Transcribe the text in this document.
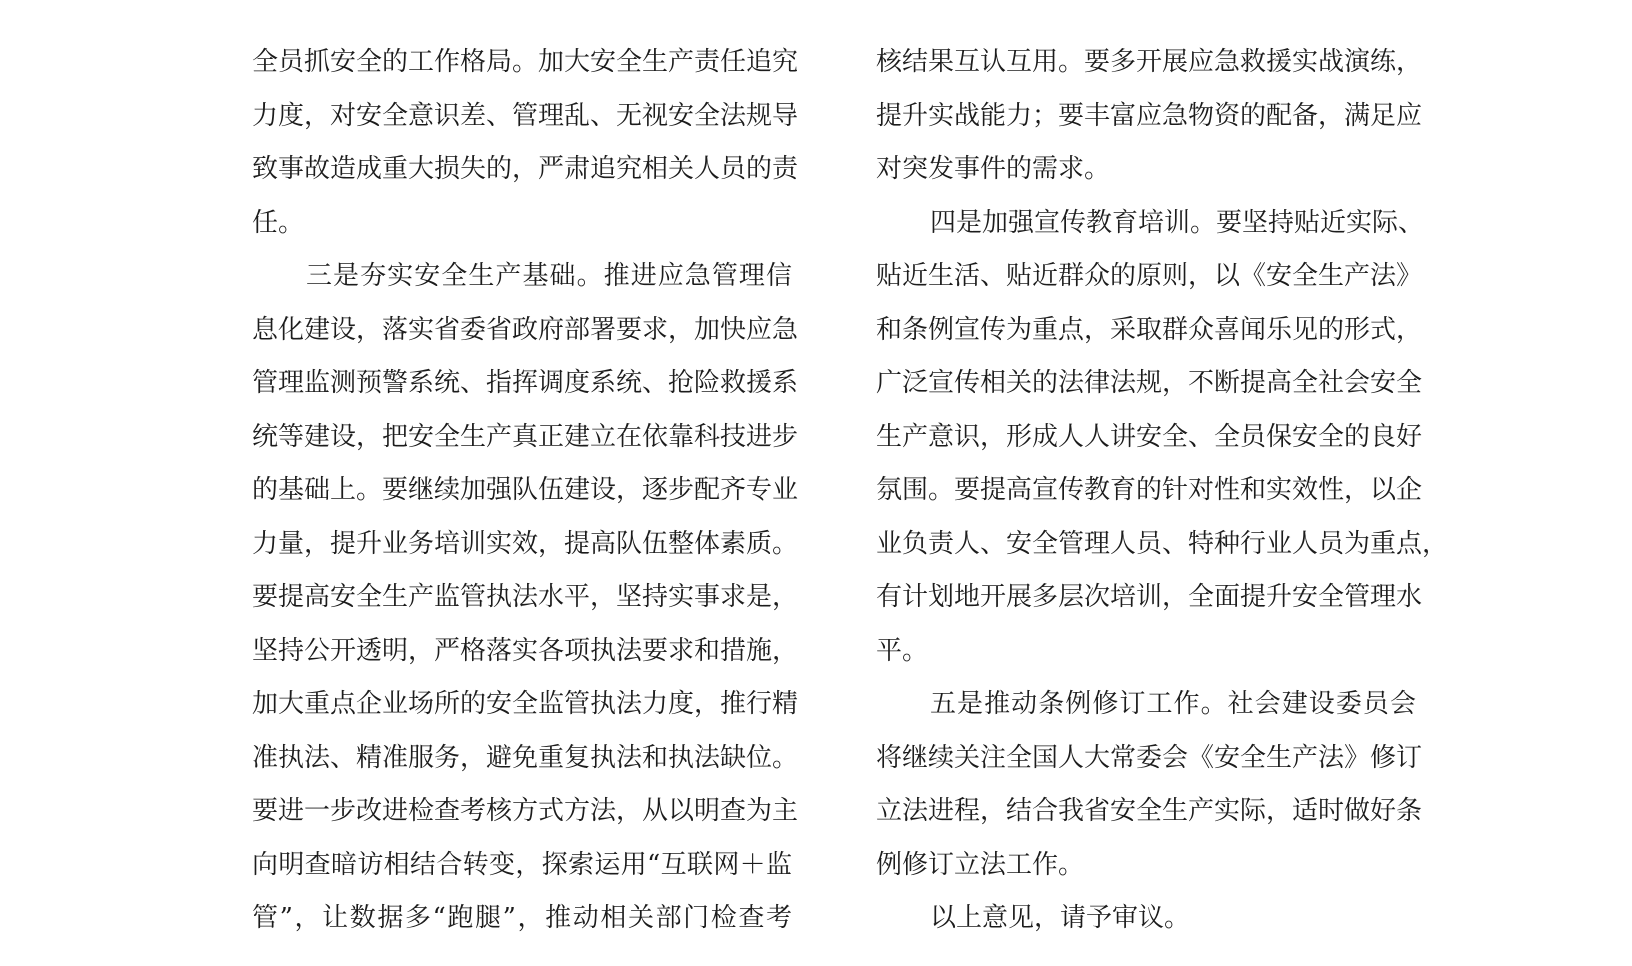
全员抓安全的工作格局。加大安全生产责任追究
力度，对安全意识差、管理乱、无视安全法规导
致事故造成重大损失的，严肃追究相关人员的责
任。
三是夯实安全生产基础。推进应急管理信
息化建设，落实省委省政府部署要求，加快应急
管理监测预警系统、指挥调度系统、抢险救援系
统等建设，把安全生产真正建立在依靠科技进步
的基础上。要继续加强队伍建设，逐步配齐专业
力量，提升业务培训实效，提高队伍整体素质。
要提高安全生产监管执法水平，坚持实事求是，
坚持公开透明，严格落实各项执法要求和措施，
加大重点企业场所的安全监管执法力度，推行精
准执法、精准服务，避免重复执法和执法缺位。
要进一步改进检查考核方式方法，从以明查为主
向明查暗访相结合转变，探索运用“互联网＋监
管”，让数据多“跑腿”，推动相关部门检查考
核结果互认互用。要多开展应急救援实战演练，
提升实战能力；要丰富应急物资的配备，满足应
对突发事件的需求。
四是加强宣传教育培训。要坚持贴近实际、
贴近生活、贴近群众的原则，以《安全生产法》
和条例宣传为重点，采取群众喜闻乐见的形式，
广泛宣传相关的法律法规，不断提高全社会安全
生产意识，形成人人讲安全、全员保安全的良好
氛围。要提高宣传教育的针对性和实效性，以企
业负责人、安全管理人员、特种行业人员为重点，
有计划地开展多层次培训，全面提升安全管理水
平。
五是推动条例修订工作。社会建设委员会
将继续关注全国人大常委会《安全生产法》修订
立法进程，结合我省安全生产实际，适时做好条
例修订立法工作。
以上意见，请予审议。
